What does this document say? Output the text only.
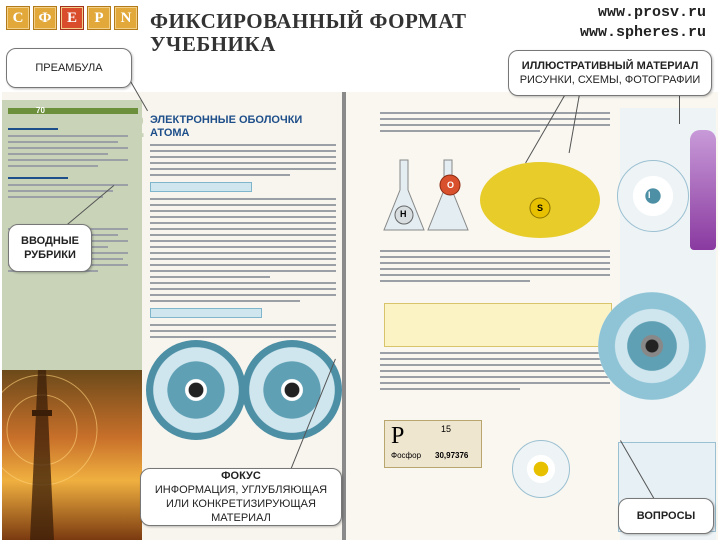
70
ЭЛЕКТРОННЫЕ ОБОЛОЧКИ
АТОМА
2
H
O
S
P	15
Фосфор 30,97376
I
С	Ф	Е	Р	N ФИКСИРОВАННЫЙ ФОРМАТ
УЧЕБНИКА
www.prosv.ru
www.spheres.ru
ПРЕАМБУЛА	ИЛЛЮСТРАТИВНЫЙ МАТЕРИАЛ
РИСУНКИ, СХЕМЫ, ФОТОГРАФИИ
ВВОДНЫЕ РУБРИКИ
ФОКУС
ИНФОРМАЦИЯ, УГЛУБЛЯЮЩАЯ ИЛИ КОНКРЕТИЗИРУЮЩАЯ МАТЕРИАЛ	ВОПРОСЫ
